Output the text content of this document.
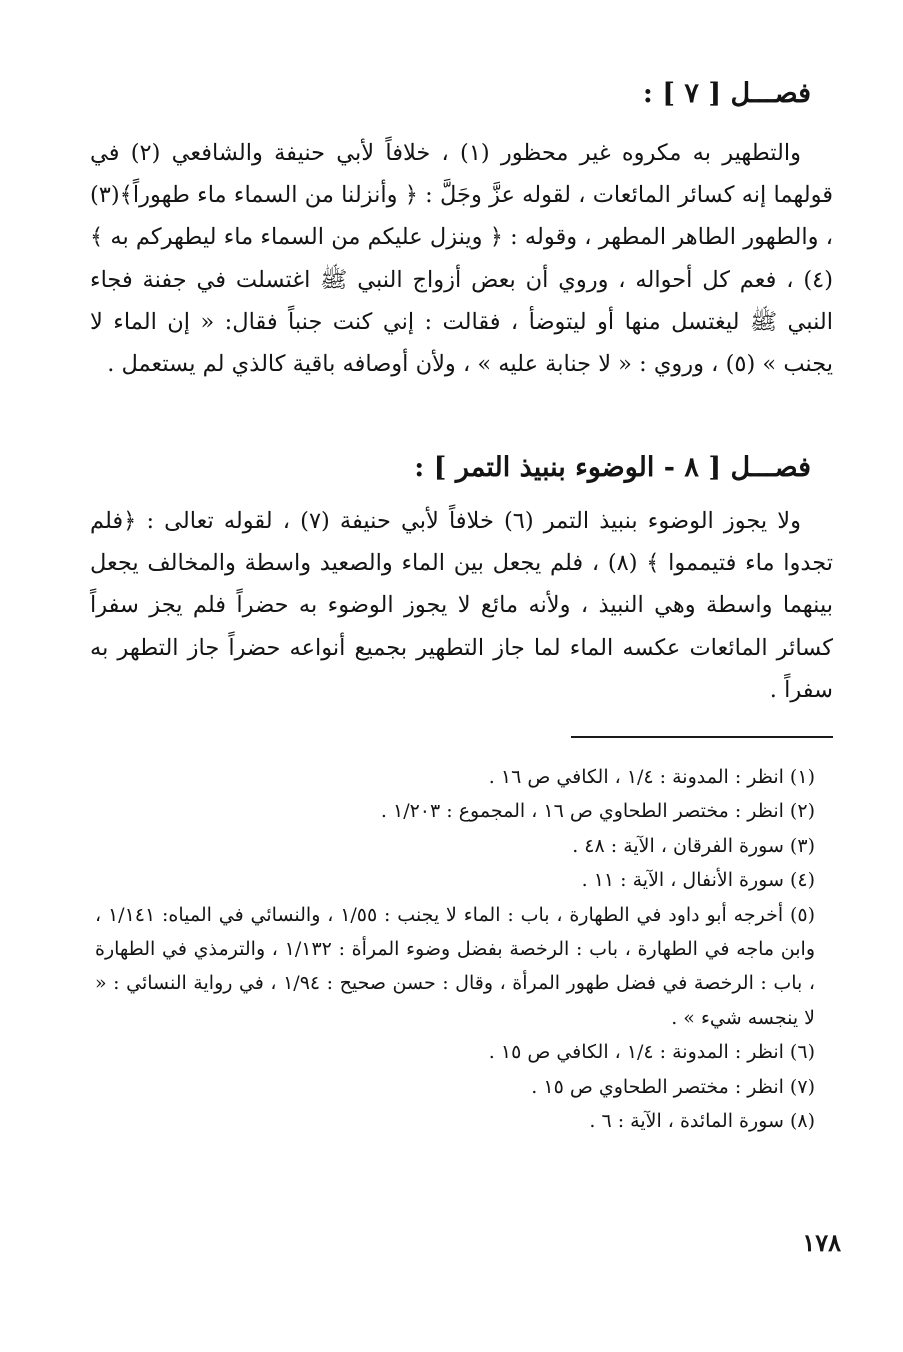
فصـــل [ ٧ ] :

والتطهير به مكروه غير محظور (١) ، خلافاً لأبي حنيفة والشافعي (٢) في قولهما إنه كسائر المائعات ، لقوله عزَّ وجَلَّ : ﴿ وأنزلنا من السماء ماء طهوراً﴾(٣) ، والطهور الطاهر المطهر ، وقوله : ﴿ وينزل عليكم من السماء ماء ليطهركم به ﴾ (٤) ، فعم كل أحواله ، وروي أن بعض أزواج النبي ﷺ اغتسلت في جفنة فجاء النبي ﷺ ليغتسل منها أو ليتوضأ ، فقالت : إني كنت جنباً فقال: « إن الماء لا يجنب » (٥) ، وروي : « لا جنابة عليه » ، ولأن أوصافه باقية كالذي لم يستعمل .

فصـــل [ ٨ - الوضوء بنبيذ التمر ] :

ولا يجوز الوضوء بنبيذ التمر (٦) خلافاً لأبي حنيفة (٧) ، لقوله تعالى : ﴿فلم تجدوا ماء فتيمموا ﴾ (٨) ، فلم يجعل بين الماء والصعيد واسطة والمخالف يجعل بينهما واسطة وهي النبيذ ، ولأنه مائع لا يجوز الوضوء به حضراً فلم يجز سفراً كسائر المائعات عكسه الماء لما جاز التطهير بجميع أنواعه حضراً جاز التطهر به سفراً .

(١) انظر : المدونة : ١/٤ ، الكافي ص ١٦ .

(٢) انظر : مختصر الطحاوي ص ١٦ ، المجموع : ١/٢٠٣ .

(٣) سورة الفرقان ، الآية : ٤٨ .

(٤) سورة الأنفال ، الآية : ١١ .

(٥) أخرجه أبو داود في الطهارة ، باب : الماء لا يجنب : ١/٥٥ ، والنسائي في المياه: ١/١٤١ ، وابن ماجه في الطهارة ، باب : الرخصة بفضل وضوء المرأة : ١/١٣٢ ، والترمذي في الطهارة ، باب : الرخصة في فضل طهور المرأة ، وقال : حسن صحيح : ١/٩٤ ، في رواية النسائي : « لا ينجسه شيء » .

(٦) انظر : المدونة : ١/٤ ، الكافي ص ١٥ .

(٧) انظر : مختصر الطحاوي ص ١٥ .

(٨) سورة المائدة ، الآية : ٦ .

١٧٨
